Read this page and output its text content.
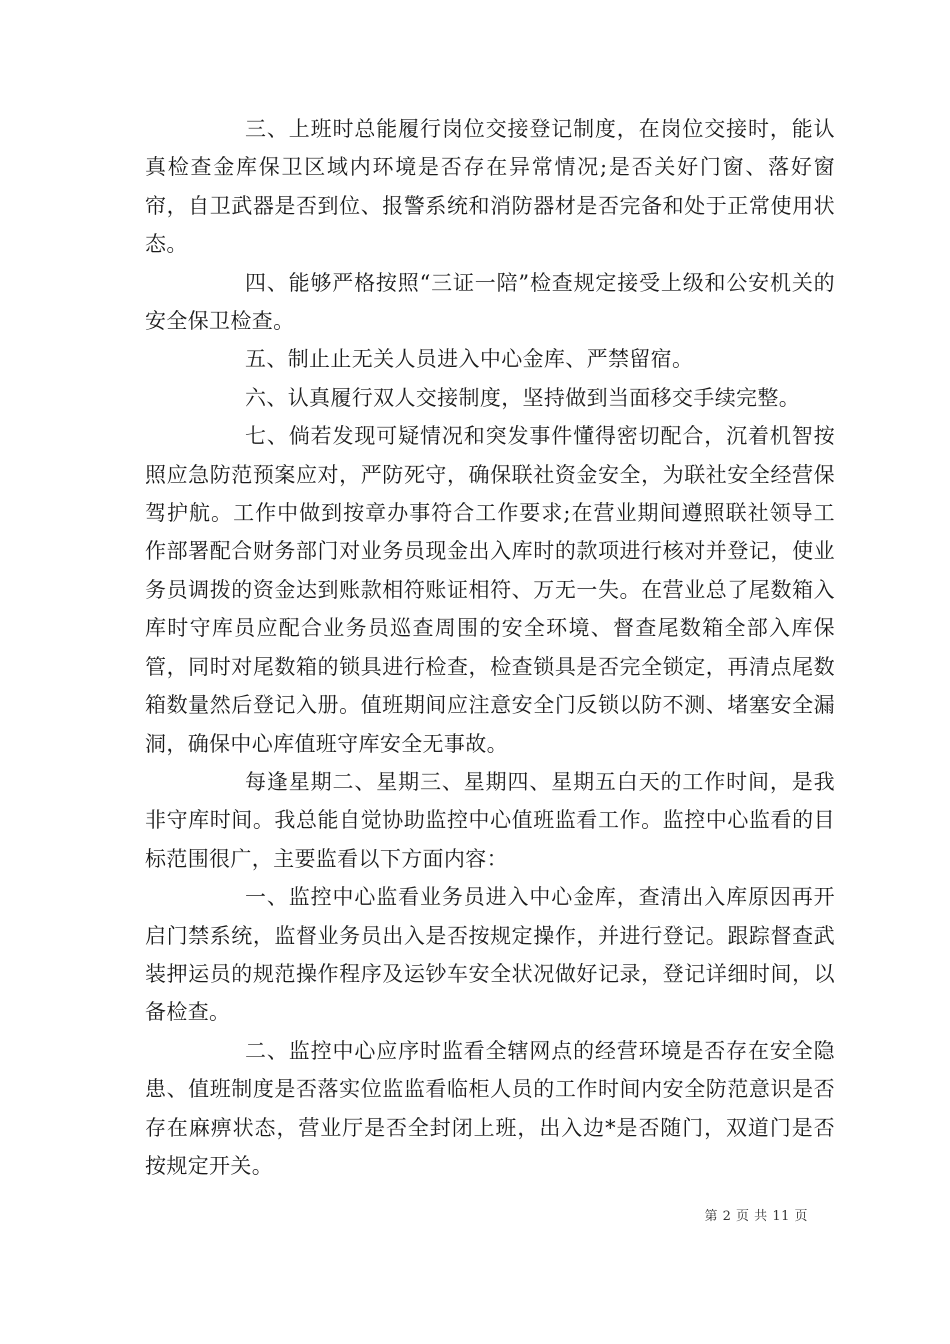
三、上班时总能履行岗位交接登记制度，在岗位交接时，能认真检查金库保卫区域内环境是否存在异常情况;是否关好门窗、落好窗帘，自卫武器是否到位、报警系统和消防器材是否完备和处于正常使用状态。

四、能够严格按照“三证一陪”检查规定接受上级和公安机关的安全保卫检查。

五、制止止无关人员进入中心金库、严禁留宿。

六、认真履行双人交接制度，坚持做到当面移交手续完整。

七、倘若发现可疑情况和突发事件懂得密切配合，沉着机智按照应急防范预案应对，严防死守，确保联社资金安全，为联社安全经营保驾护航。工作中做到按章办事符合工作要求;在营业期间遵照联社领导工作部署配合财务部门对业务员现金出入库时的款项进行核对并登记，使业务员调拨的资金达到账款相符账证相符、万无一失。在营业总了尾数箱入库时守库员应配合业务员巡查周围的安全环境、督查尾数箱全部入库保管，同时对尾数箱的锁具进行检查，检查锁具是否完全锁定，再清点尾数箱数量然后登记入册。值班期间应注意安全门反锁以防不测、堵塞安全漏洞，确保中心库值班守库安全无事故。

每逢星期二、星期三、星期四、星期五白天的工作时间，是我非守库时间。我总能自觉协助监控中心值班监看工作。监控中心监看的目标范围很广，主要监看以下方面内容：

一、监控中心监看业务员进入中心金库，查清出入库原因再开启门禁系统，监督业务员出入是否按规定操作，并进行登记。跟踪督查武装押运员的规范操作程序及运钞车安全状况做好记录，登记详细时间，以备检查。

二、监控中心应序时监看全辖网点的经营环境是否存在安全隐患、值班制度是否落实位监监看临柜人员的工作时间内安全防范意识是否存在麻痹状态，营业厅是否全封闭上班，出入边*是否随门，双道门是否按规定开关。

第 2 页 共 11 页
